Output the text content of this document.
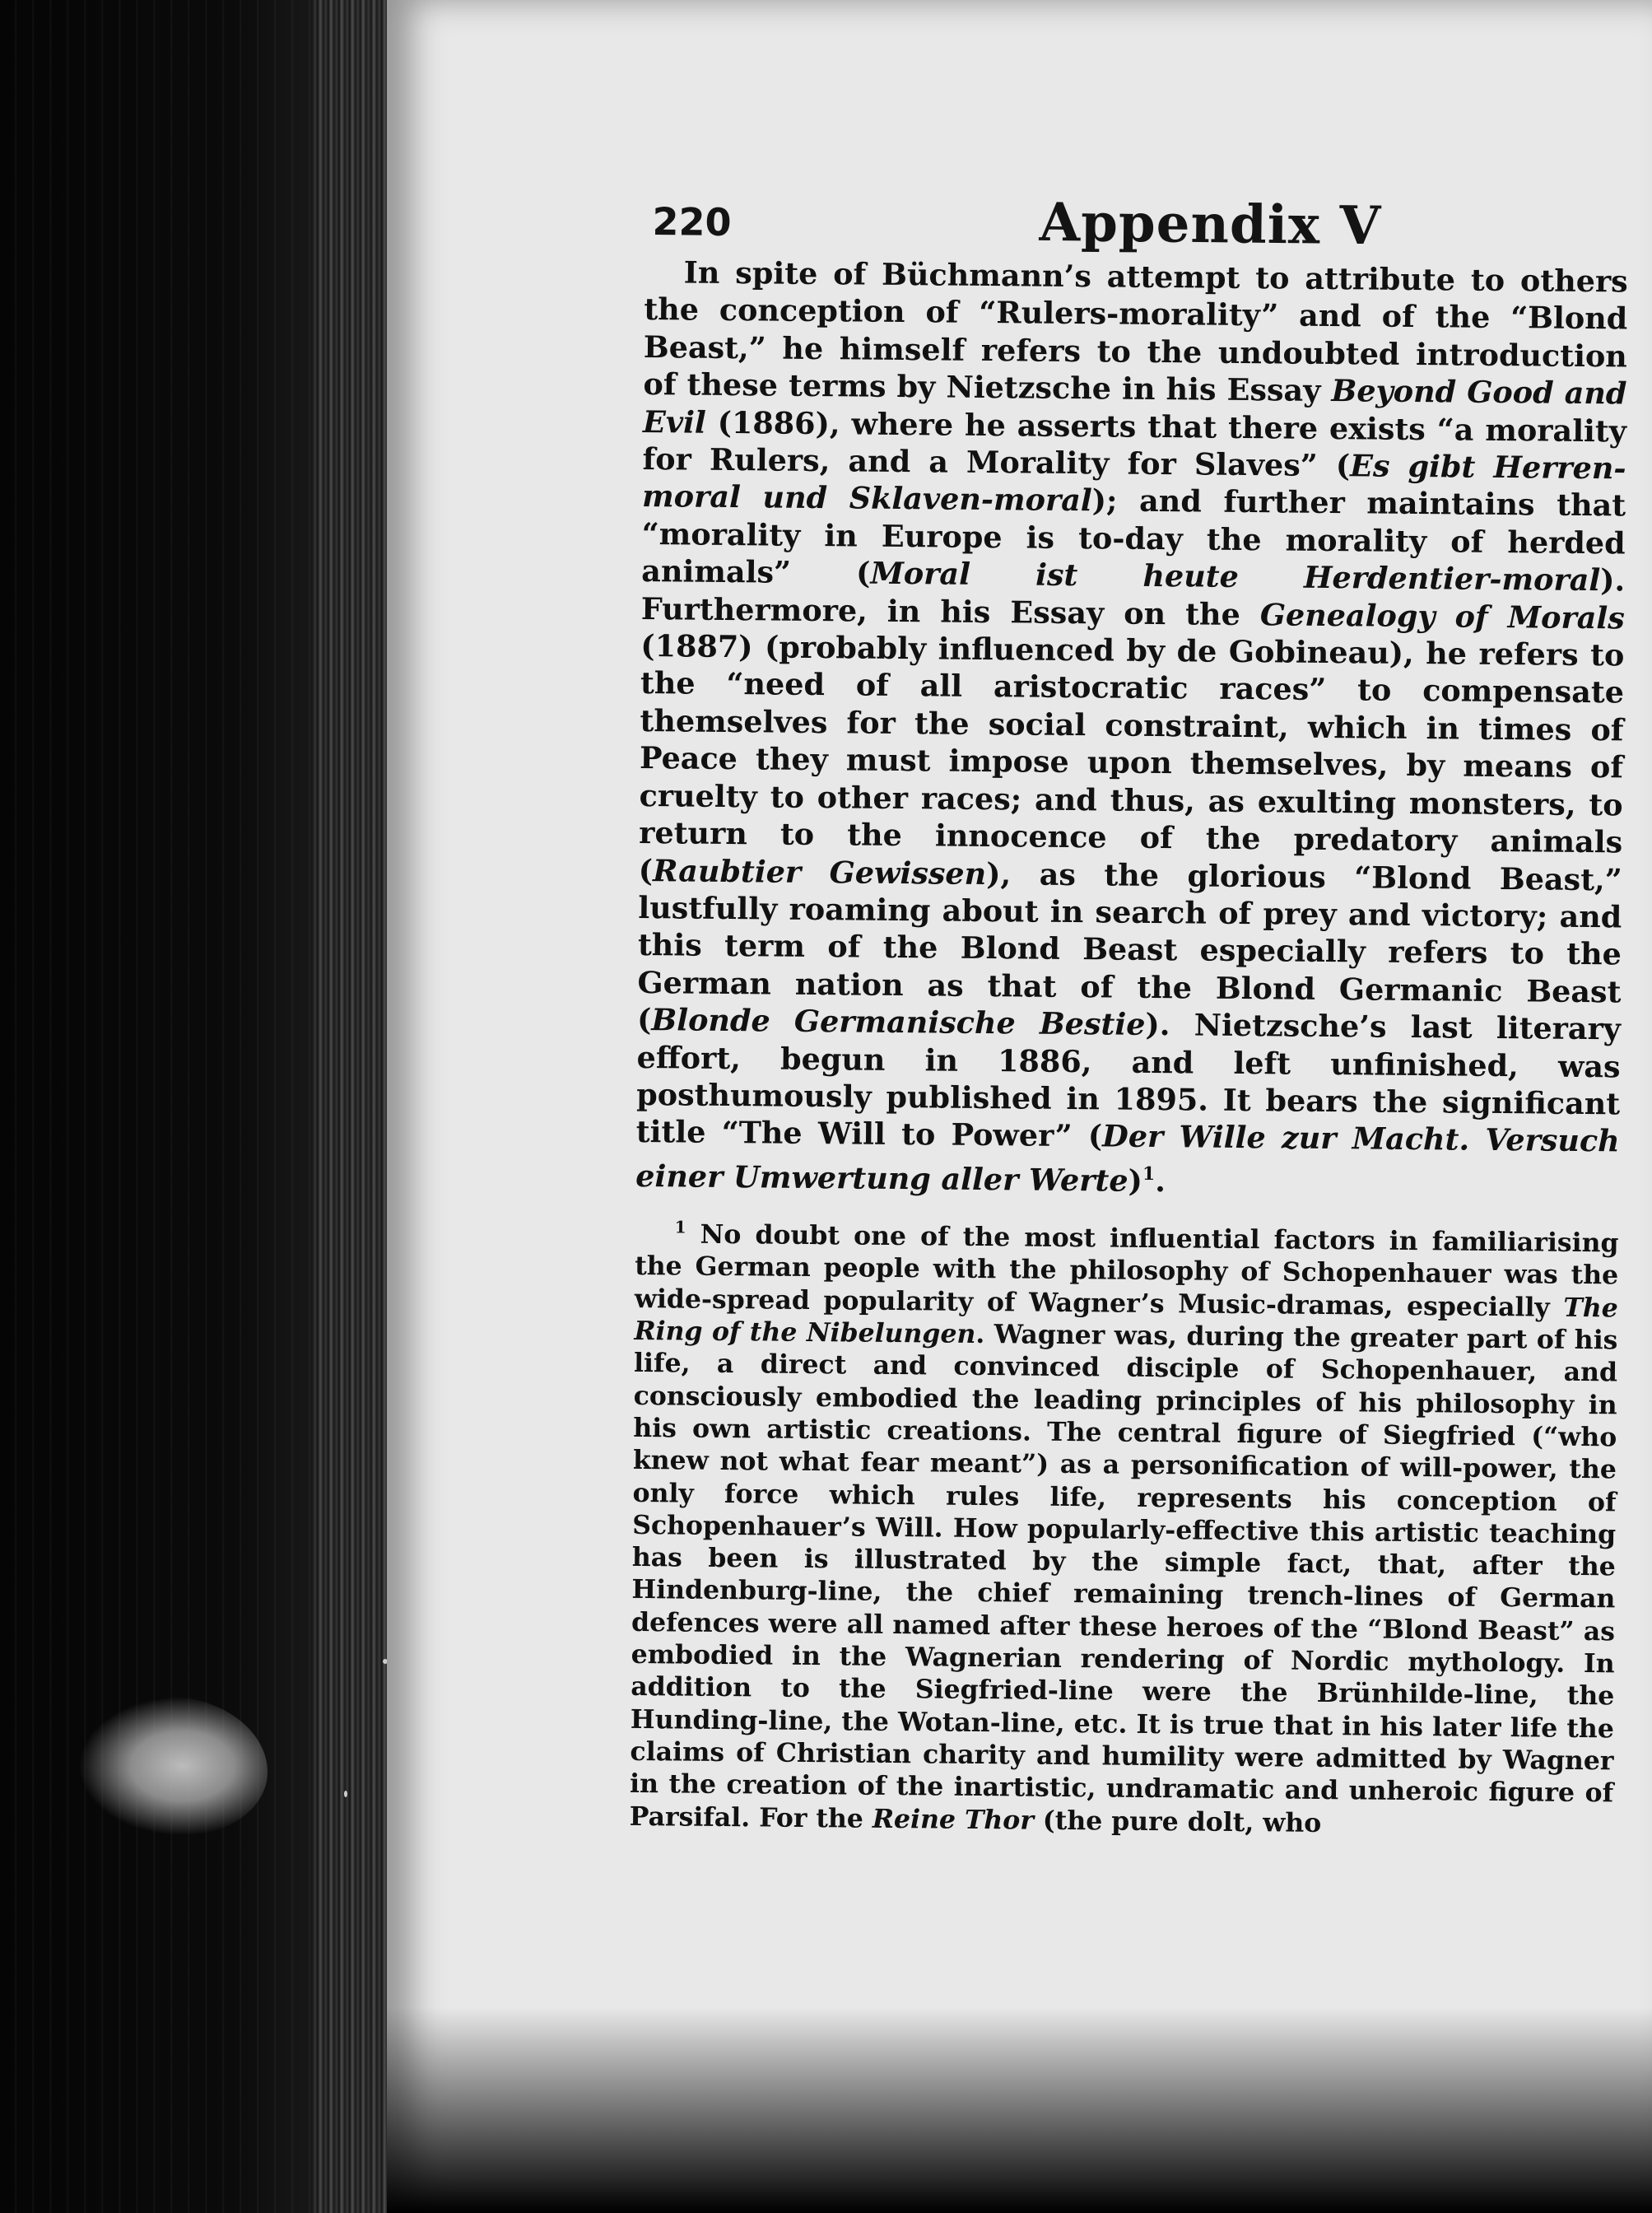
220	Appendix V

In spite of Büchmann’s attempt to attribute to others the conception of “Rulers-morality” and of the “Blond Beast,” he himself refers to the undoubted introduction of these terms by Nietzsche in his Essay Beyond Good and Evil (1886), where he asserts that there exists “a morality for Rulers, and a Morality for Slaves” (Es gibt Herren-moral und Sklaven-moral); and further maintains that “morality in Europe is to-day the morality of herded animals” (Moral ist heute Herdentier-moral). Furthermore, in his Essay on the Genealogy of Morals (1887) (probably influenced by de Gobineau), he refers to the “need of all aristocratic races” to compensate themselves for the social constraint, which in times of Peace they must impose upon themselves, by means of cruelty to other races; and thus, as exulting monsters, to return to the innocence of the predatory animals (Raubtier Gewissen), as the glorious “Blond Beast,” lustfully roaming about in search of prey and victory; and this term of the Blond Beast especially refers to the German nation as that of the Blond Germanic Beast (Blonde Germanische Bestie). Nietzsche’s last literary effort, begun in 1886, and left unfinished, was posthumously published in 1895. It bears the significant title “The Will to Power” (Der Wille zur Macht. Versuch einer Umwertung aller Werte)$^1$.

$^1$ No doubt one of the most influential factors in familiarising the German people with the philosophy of Schopenhauer was the wide-spread popularity of Wagner’s Music-dramas, especially The Ring of the Nibelungen. Wagner was, during the greater part of his life, a direct and convinced disciple of Schopenhauer, and consciously embodied the leading principles of his philosophy in his own artistic creations. The central figure of Siegfried (“who knew not what fear meant”) as a personification of will-power, the only force which rules life, represents his conception of Schopenhauer’s Will. How popularly-effective this artistic teaching has been is illustrated by the simple fact, that, after the Hindenburg-line, the chief remaining trench-lines of German defences were all named after these heroes of the “Blond Beast” as embodied in the Wagnerian rendering of Nordic mythology. In addition to the Siegfried-line were the Brünhilde-line, the Hunding-line, the Wotan-line, etc. It is true that in his later life the claims of Christian charity and humility were admitted by Wagner in the creation of the inartistic, undramatic and unheroic figure of Parsifal. For the Reine Thor (the pure dolt, who
